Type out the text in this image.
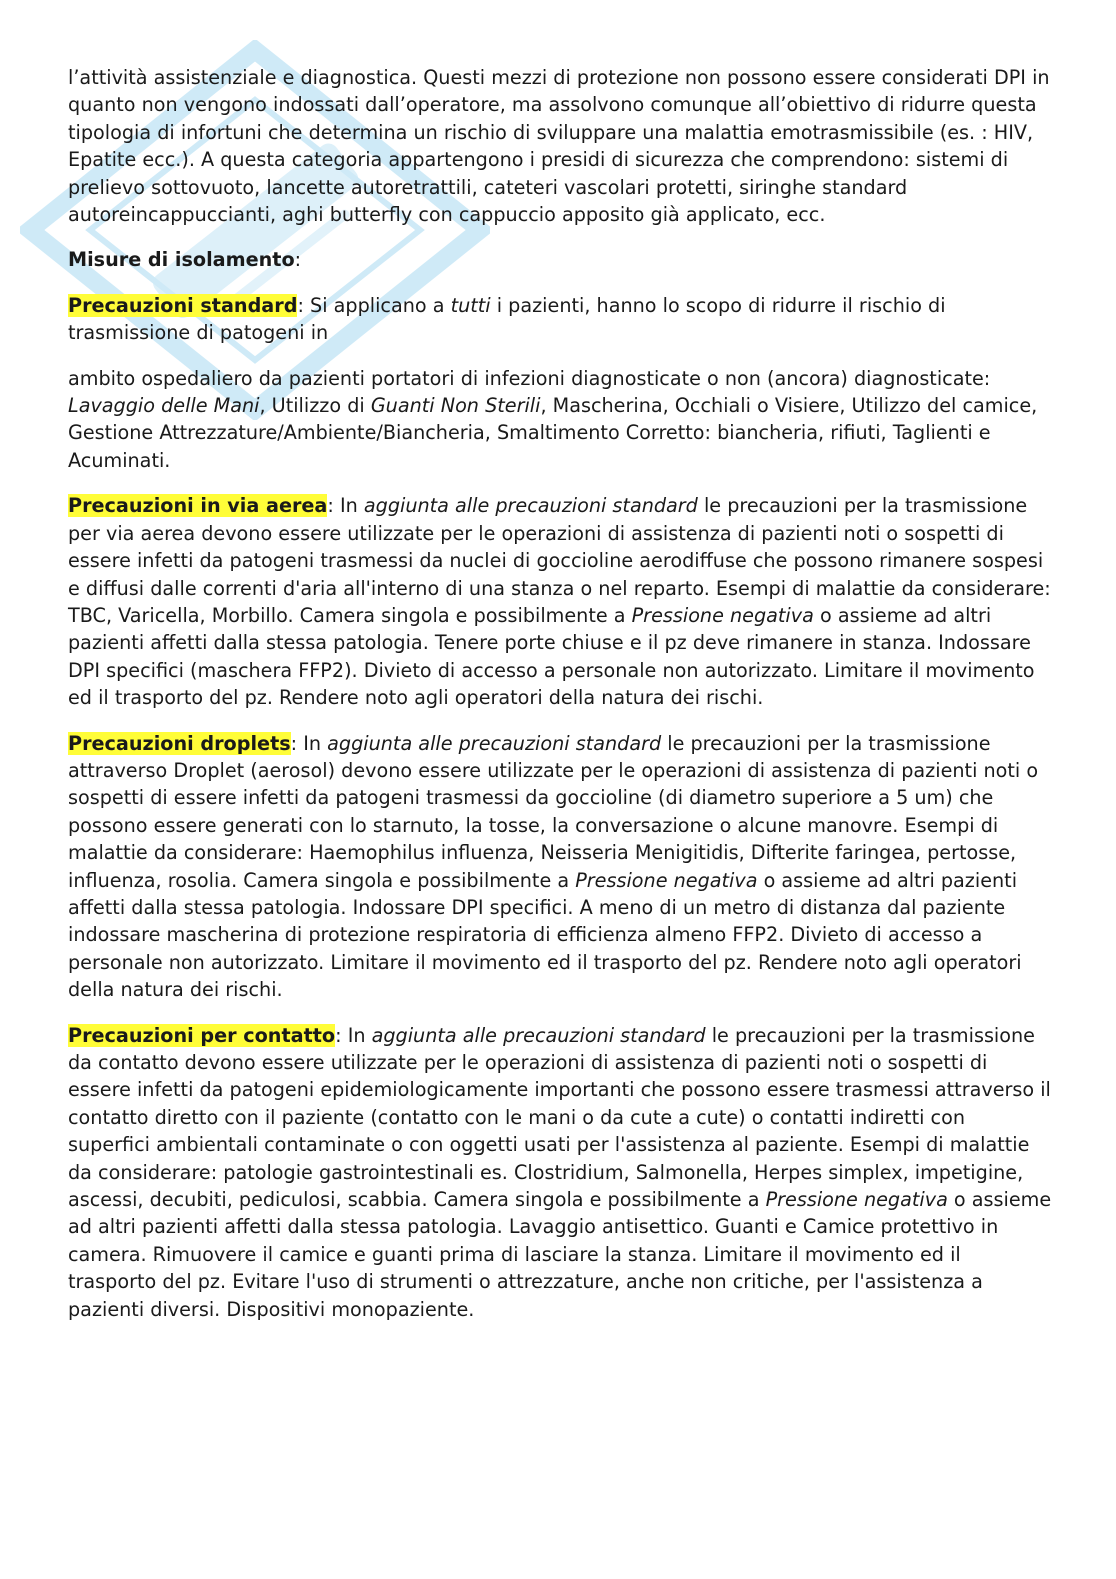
l’attività assistenziale e diagnostica. Questi mezzi di protezione non possono essere considerati DPI in quanto non vengono indossati dall’operatore, ma assolvono comunque all’obiettivo di ridurre questa tipologia di infortuni che determina un rischio di sviluppare una malattia emotrasmissibile (es. : HIV, Epatite ecc.). A questa categoria appartengono i presidi di sicurezza che comprendono: sistemi di prelievo sottovuoto, lancette autoretrattili, cateteri vascolari protetti, siringhe standard autoreincappuccianti, aghi butterfly con cappuccio apposito già applicato, ecc.

Misure di isolamento:

Precauzioni standard: Si applicano a tutti i pazienti, hanno lo scopo di ridurre il rischio di trasmissione di patogeni in

ambito ospedaliero da pazienti portatori di infezioni diagnosticate o non (ancora) diagnosticate: Lavaggio delle Mani, Utilizzo di Guanti Non Sterili, Mascherina, Occhiali o Visiere, Utilizzo del camice, Gestione Attrezzature/Ambiente/Biancheria, Smaltimento Corretto: biancheria, rifiuti, Taglienti e Acuminati.

Precauzioni in via aerea: In aggiunta alle precauzioni standard le precauzioni per la trasmissione per via aerea devono essere utilizzate per le operazioni di assistenza di pazienti noti o sospetti di essere infetti da patogeni trasmessi da nuclei di goccioline aerodiffuse che possono rimanere sospesi e diffusi dalle correnti d'aria all'interno di una stanza o nel reparto. Esempi di malattie da considerare: TBC, Varicella, Morbillo. Camera singola e possibilmente a Pressione negativa o assieme ad altri pazienti affetti dalla stessa patologia. Tenere porte chiuse e il pz deve rimanere in stanza. Indossare DPI specifici (maschera FFP2). Divieto di accesso a personale non autorizzato. Limitare il movimento ed il trasporto del pz. Rendere noto agli operatori della natura dei rischi.

Precauzioni droplets: In aggiunta alle precauzioni standard le precauzioni per la trasmissione attraverso Droplet (aerosol) devono essere utilizzate per le operazioni di assistenza di pazienti noti o sospetti di essere infetti da patogeni trasmessi da goccioline (di diametro superiore a 5 um) che possono essere generati con lo starnuto, la tosse, la conversazione o alcune manovre. Esempi di malattie da considerare: Haemophilus influenza, Neisseria Menigitidis, Difterite faringea, pertosse, influenza, rosolia. Camera singola e possibilmente a Pressione negativa o assieme ad altri pazienti affetti dalla stessa patologia. Indossare DPI specifici. A meno di un metro di distanza dal paziente indossare mascherina di protezione respiratoria di efficienza almeno FFP2. Divieto di accesso a personale non autorizzato. Limitare il movimento ed il trasporto del pz. Rendere noto agli operatori della natura dei rischi.

Precauzioni per contatto: In aggiunta alle precauzioni standard le precauzioni per la trasmissione da contatto devono essere utilizzate per le operazioni di assistenza di pazienti noti o sospetti di essere infetti da patogeni epidemiologicamente importanti che possono essere trasmessi attraverso il contatto diretto con il paziente (contatto con le mani o da cute a cute) o contatti indiretti con superfici ambientali contaminate o con oggetti usati per l'assistenza al paziente. Esempi di malattie da considerare: patologie gastrointestinali es. Clostridium, Salmonella, Herpes simplex, impetigine, ascessi, decubiti, pediculosi, scabbia. Camera singola e possibilmente a Pressione negativa o assieme ad altri pazienti affetti dalla stessa patologia. Lavaggio antisettico. Guanti e Camice protettivo in camera. Rimuovere il camice e guanti prima di lasciare la stanza. Limitare il movimento ed il trasporto del pz. Evitare l'uso di strumenti o attrezzature, anche non critiche, per l'assistenza a pazienti diversi. Dispositivi monopaziente.
